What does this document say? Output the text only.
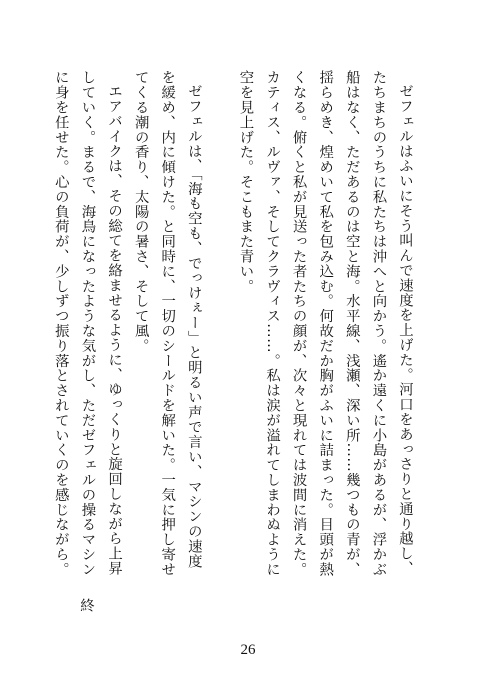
ゼフェルはふいにそう叫んで速度を上げた。河口をあっさりと通り越し、たちまちのうちに私たちは沖へと向かう。遙か遠くに小島があるが、浮かぶ船はなく、ただあるのは空と海。水平線、浅瀬、深い所……幾つもの青が、揺らめき、煌めいて私を包み込む。何故だか胸がふいに詰まった。目頭が熱くなる。俯くと私が見送った者たちの顔が、次々と現れては波間に消えた。カティス、ルヴァ、そしてクラヴィス……。私は涙が溢れてしまわぬように空を見上げた。そこもまた青い。

ゼフェルは、「海も空も、でっけぇー」と明るい声で言い、マシンの速度を緩め、内に傾けた。と同時に、一切のシールドを解いた。一気に押し寄せてくる潮の香り、太陽の暑さ、そして風。

エアバイクは、その総てを絡ませるように、ゆっくりと旋回しながら上昇していく。まるで、海鳥になったような気がし、ただゼフェルの操るマシンに身を任せた。心の負荷が、少しずつ振り落とされていくのを感じながら。

終
26
